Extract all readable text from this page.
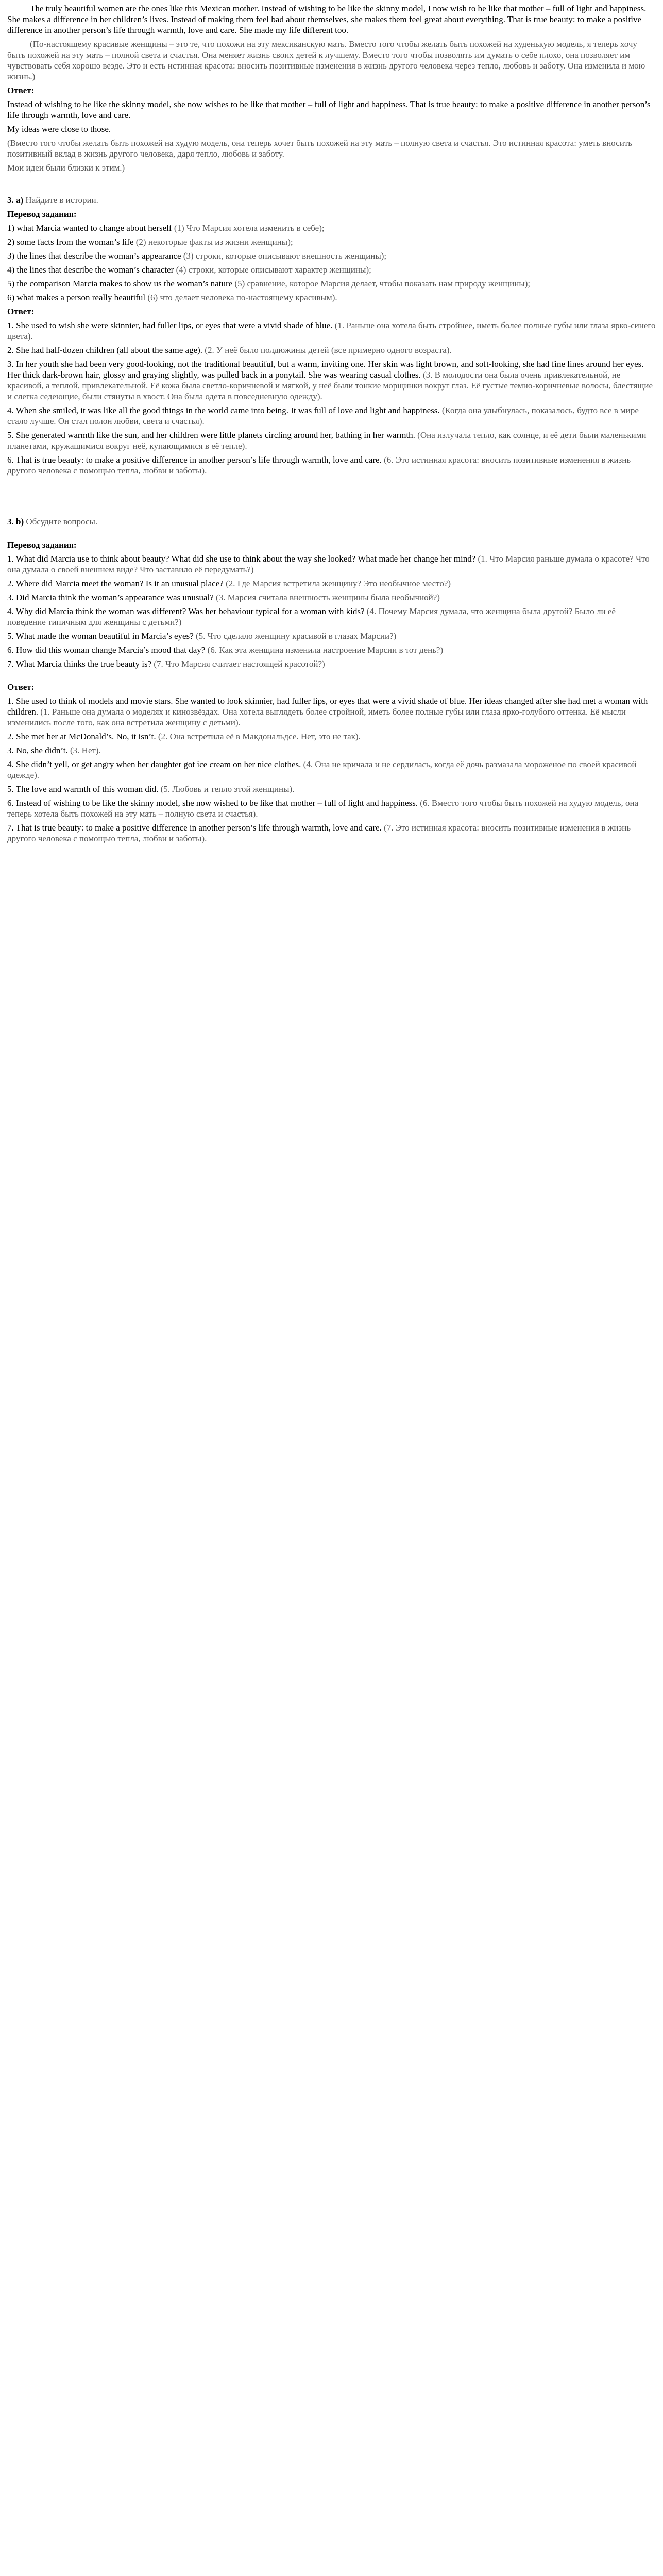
The truly beautiful women are the ones like this Mexican mother. Instead of wishing to be like the skinny model, I now wish to be like that mother – full of light and happiness. She makes a difference in her children’s lives. Instead of making them feel bad about themselves, she makes them feel great about everything. That is true beauty: to make a positive difference in another person’s life through warmth, love and care. She made my life different too.

(По-настоящему красивые женщины – это те, что похожи на эту мексиканскую мать. Вместо того чтобы желать быть похожей на худенькую модель, я теперь хочу быть похожей на эту мать – полной света и счастья. Она меняет жизнь своих детей к лучшему. Вместо того чтобы позволять им думать о себе плохо, она позволяет им чувствовать себя хорошо везде. Это и есть истинная красота: вносить позитивные изменения в жизнь другого человека через тепло, любовь и заботу. Она изменила и мою жизнь.)

Ответ:

Instead of wishing to be like the skinny model, she now wishes to be like that mother – full of light and happiness. That is true beauty: to make a positive difference in another person’s life through warmth, love and care.

My ideas were close to those.

(Вместо того чтобы желать быть похожей на худую модель, она теперь хочет быть похожей на эту мать – полную света и счастья. Это истинная красота: уметь вносить позитивный вклад в жизнь другого человека, даря тепло, любовь и заботу.

Мои идеи были близки к этим.)

3. a) Найдите в истории.

Перевод задания:

1) what Marcia wanted to change about herself (1) Что Марсия хотела изменить в себе);

2) some facts from the woman’s life (2) некоторые факты из жизни женщины);

3) the lines that describe the woman’s appearance (3) строки, которые описывают внешность женщины);

4) the lines that describe the woman’s character (4) строки, которые описывают характер женщины);

5) the comparison Marcia makes to show us the woman’s nature (5) сравнение, которое Марсия делает, чтобы показать нам природу женщины);

6) what makes a person really beautiful (6) что делает человека по-настоящему красивым).

Ответ:

1. She used to wish she were skinnier, had fuller lips, or eyes that were a vivid shade of blue. (1. Раньше она хотела быть стройнее, иметь более полные губы или глаза ярко-синего цвета).

2. She had half-dozen children (all about the same age). (2. У неё было полдюжины детей (все примерно одного возраста).

3. In her youth she had been very good-looking, not the traditional beautiful, but a warm, inviting one. Her skin was light brown, and soft-looking, she had fine lines around her eyes. Her thick dark-brown hair, glossy and graying slightly, was pulled back in a ponytail. She was wearing casual clothes. (3. В молодости она была очень привлекательной, не красивой, а теплой, привлекательной. Её кожа была светло-коричневой и мягкой, у неё были тонкие морщинки вокруг глаз. Её густые темно-коричневые волосы, блестящие и слегка седеющие, были стянуты в хвост. Она была одета в повседневную одежду).

4. When she smiled, it was like all the good things in the world came into being. It was full of love and light and happiness. (Когда она улыбнулась, показалось, будто все в мире стало лучше. Он стал полон любви, света и счастья).

5. She generated warmth like the sun, and her children were little planets circling around her, bathing in her warmth. (Она излучала тепло, как солнце, и её дети были маленькими планетами, кружащимися вокруг неё, купающимися в её тепле).

6. That is true beauty: to make a positive difference in another person’s life through warmth, love and care. (6. Это истинная красота: вносить позитивные изменения в жизнь другого человека с помощью тепла, любви и заботы).

3. b) Обсудите вопросы.

Перевод задания:

1. What did Marcia use to think about beauty? What did she use to think about the way she looked? What made her change her mind? (1. Что Марсия раньше думала о красоте? Что она думала о своей внешнем виде? Что заставило её передумать?)

2. Where did Marcia meet the woman? Is it an unusual place? (2. Где Марсия встретила женщину? Это необычное место?)

3. Did Marcia think the woman’s appearance was unusual? (3. Марсия считала внешность женщины была необычной?)

4. Why did Marcia think the woman was different? Was her behaviour typical for a woman with kids? (4. Почему Марсия думала, что женщина была другой? Было ли её поведение типичным для женщины с детьми?)

5. What made the woman beautiful in Marcia’s eyes? (5. Что сделало женщину красивой в глазах Марсии?)

6. How did this woman change Marcia’s mood that day? (6. Как эта женщина изменила настроение Марсии в тот день?)

7. What Marcia thinks the true beauty is? (7. Что Марсия считает настоящей красотой?)

Ответ:

1. She used to think of models and movie stars. She wanted to look skinnier, had fuller lips, or eyes that were a vivid shade of blue. Her ideas changed after she had met a woman with children. (1. Раньше она думала о моделях и кинозвёздах. Она хотела выглядеть более стройной, иметь более полные губы или глаза ярко-голубого оттенка. Её мысли изменились после того, как она встретила женщину с детьми).

2. She met her at McDonald’s. No, it isn’t. (2. Она встретила её в Макдональдсе. Нет, это не так).

3. No, she didn’t. (3. Нет).

4. She didn’t yell, or get angry when her daughter got ice cream on her nice clothes. (4. Она не кричала и не сердилась, когда её дочь размазала мороженое по своей красивой одежде).

5. The love and warmth of this woman did. (5. Любовь и тепло этой женщины).

6. Instead of wishing to be like the skinny model, she now wished to be like that mother – full of light and happiness. (6. Вместо того чтобы быть похожей на худую модель, она теперь хотела быть похожей на эту мать – полную света и счастья).

7. That is true beauty: to make a positive difference in another person’s life through warmth, love and care. (7. Это истинная красота: вносить позитивные изменения в жизнь другого человека с помощью тепла, любви и заботы).
